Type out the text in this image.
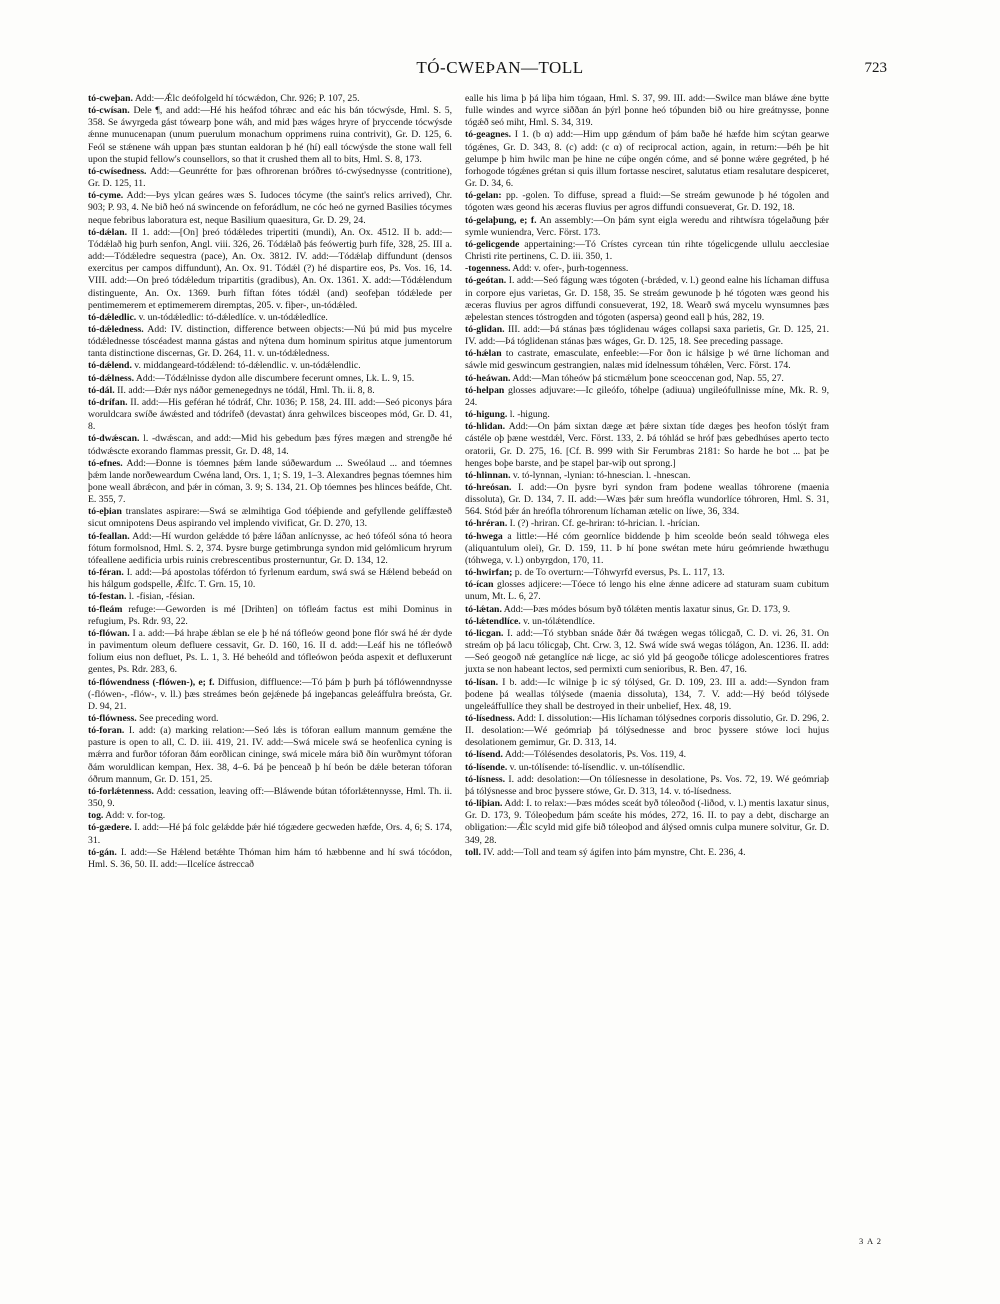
TÓ-CWEÞAN—TOLL	723

tó-cweþan. Add:—Ǽlc deófolgeld hí tócwǽdon, Chr. 926; P. 107, 25.

tó-cwísan. Dele ¶, and add:—Hé his heáfod tóhræc and eác his bán tócwýsde, Hml. S. 5, 358. Se áwyrgeda gást tówearp þone wáh, and mid þæs wáges hryre of þryccende tócwýsde ǽnne munucenapan (unum puerulum monachum opprimens ruina contrivit), Gr. D. 125, 6. Feól se stǽnene wáh uppan þæs stuntan ealdoran þ hé (hí) eall tócwýsde the stone wall fell upon the stupid fellow's counsellors, so that it crushed them all to bits, Hml. S. 8, 173.

tó-cwísedness. Add:—Geunrétte for þæs ofhrorenan bróðres tó-cwýsednysse (contritione), Gr. D. 125, 11.

tó-cyme. Add:—Þys ylcan geáres wæs S. Iudoces tócyme (the saint's relics arrived), Chr. 903; P. 93, 4. Ne bið heó ná swincende on feforádlum, ne cóc heó ne gyrned Basilies tócymes neque febribus laboratura est, neque Basilium quaesitura, Gr. D. 29, 24.

tó-dǽlan. II 1. add:—[On] þreó tódǽledes tripertiti (mundi), An. Ox. 4512. II b. add:—Tódǽlað hig þurh senfon, Angl. viii. 326, 26. Tódǽlað þás feówertig þurh fífe, 328, 25. III a. add:—Tódǽledre sequestra (pace), An. Ox. 3812. IV. add:—Tódǽlaþ diffundunt (densos exercitus per campos diffundunt), An. Ox. 91. Tódǽl (?) hé dispartire eos, Ps. Vos. 16, 14. VIII. add:—On þreó tódǽledum tripartitis (gradibus), An. Ox. 1361. X. add:—Tódǽlendum distinguente, An. Ox. 1369. Þurh fíftan fótes tódǽl (and) seofeþan tódǽlede per pentimemerem et eptimemerem diremptas, 205. v. fiþer-, un-tódǽled.

tó-dǽledlic. v. un-tódǽledlic: tó-dǽledlíce. v. un-tódǽledlíce.

tó-dǽledness. Add: IV. distinction, difference between objects:—Nú þú mid þus mycelre tódǽlednesse tóscéadest manna gástas and nýtena dum hominum spiritus atque jumentorum tanta distinctione discernas, Gr. D. 264, 11. v. un-tódǽledness.

tó-dǽlend. v. middangeard-tódǽlend: tó-dǽlendlic. v. un-tódǽlendlic.

tó-dǽlness. Add:—Tódǽlnisse dydon alle discumbere fecerunt omnes, Lk. L. 9, 15.

tó-dál. II. add:—Ðǽr nys náðor gemenegednys ne tódál, Hml. Th. ii. 8, 8.

tó-drífan. II. add:—His geféran hé tódráf, Chr. 1036; P. 158, 24. III. add:—Seó piconys þára woruldcara swíðe áwǽsted and tódrífeð (devastat) ánra gehwilces bisceopes mód, Gr. D. 41, 8.

tó-dwǽscan. l. -dwǽscan, and add:—Mid his gebedum þæs fýres mægen and strengðe hé tódwǽscte exorando flammas pressit, Gr. D. 48, 14.

tó-efnes. Add:—Ðonne is tóemnes þǽm lande súðewardum ... Sweólaud ... and tóemnes þǽm lande norðeweardum Cwéna land, Ors. 1, 1; S. 19, 1–3. Alexandres þegnas tóemnes him þone weall ábrǽcon, and þǽr in cóman, 3. 9; S. 134, 21. Oþ tóemnes þes hlinces beáfde, Cht. E. 355, 7.

tó-eþian translates aspirare:—Swá se ælmihtiga God tóéþiende and gefyllende gelíffæsteð sicut omnipotens Deus aspirando vel implendo vivificat, Gr. D. 270, 13.

tó-feallan. Add:—Hí wurdon gelǽdde tó þǽre láðan anlícnysse, ac heó tófeól sóna tó heora fótum formolsnod, Hml. S. 2, 374. Þysre burge getimbrunga syndon mid gelómlicum hryrum tófeallene aedificia urbis ruinis crebrescentibus prosternuntur, Gr. D. 134, 12.

tó-féran. I. add:—Þá apostolas tóférdon tó fyrlenum eardum, swá swá se Hǽlend bebeád on his hálgum godspelle, Ǽlfc. T. Grn. 15, 10.

tó-festan. l. -fisian, -fésian.

tó-fleám refuge:—Geworden is mé [Drihten] on tófleám factus est mihi Dominus in refugium, Ps. Rdr. 93, 22.

tó-flówan. I a. add:—Þá hraþe ǽblan se ele þ hé ná tófleów geond þone flór swá hé ǽr dyde in pavimentum oleum defluere cessavit, Gr. D. 160, 16. II d. add:—Leáf his ne tófleówð folium eius non defluet, Ps. L. 1, 3. Hé beheóld and tófleówon þeóda aspexit et defluxerunt gentes, Ps. Rdr. 283, 6.

tó-flówendness (-flówen-), e; f. Diffusion, diffluence:—Tó þám þ þurh þá tóflówenndnysse (-flówen-, -flów-, v. ll.) þæs streámes beón gejǽnede þá ingeþancas geleáffulra breósta, Gr. D. 94, 21.

tó-flówness. See preceding word.

tó-foran. I. add: (a) marking relation:—Seó lǽs is tóforan eallum mannum gemǽne the pasture is open to all, C. D. iii. 419, 21. IV. add:—Swá micele swá se heofenlica cyning is mǽrra and furðor tóforan ðám eorðlican cininge, swá micele mára bið ðín wurðmynt tóforan ðám woruldlican kempan, Hex. 38, 4–6. Þá þe þenceað þ hí beón be dǽle beteran tóforan óðrum mannum, Gr. D. 151, 25.

tó-forlǽtenness. Add: cessation, leaving off:—Bláwende bútan tóforlǽtennysse, Hml. Th. ii. 350, 9.

tog. Add: v. for-tog.

tó-gædere. I. add:—Hé þá folc gelǽdde þǽr hié tógædere gecweden hæfde, Ors. 4, 6; S. 174, 31.

tó-gán. I. add:—Se Hǽlend betǽhte Thóman him hám tó hæbbenne and hí swá tócódon, Hml. S. 36, 50. II. add:—Ilcelíce ástreccað

ealle his lima þ þá liþa him tógaan, Hml. S. 37, 99. III. add:—Swilce man bláwe ǽne bytte fulle windes and wyrce siððan án þýrl þonne heó tóþunden bið ou hire greátnysse, þonne tógǽð seó miht, Hml. S. 34, 319.

tó-geagnes. I 1. (b α) add:—Him upp gǽndum of þám baðe hé hæfde him scýtan gearwe tógǽnes, Gr. D. 343, 8. (c) add: (c α) of reciprocal action, again, in return:—Þéh þe hit gelumpe þ him hwilc man þe hine ne cúþe ongén cóme, and sé þonne wǽre gegréted, þ hé forhogode tógǽnes grétan si quis illum fortasse nesciret, salutatus etiam resalutare despiceret, Gr. D. 34, 6.

tó-gelan: pp. -golen. To diffuse, spread a fluid:—Se streám gewunode þ hé tógolen and tógoten wæs geond his æceras fluvius per agros diffundi consueverat, Gr. D. 192, 18.

tó-gelaþung, e; f. An assembly:—On þám synt eigla weredu and rihtwísra tógelaðung þǽr symle wuniendra, Verc. Först. 173.

tó-gelicgende appertaining:—Tó Crístes cyrcean tún rihte tógelicgende ullulu aecclesiae Christi rite pertinens, C. D. iii. 350, 1.

-togenness. Add: v. ofer-, þurh-togenness.

tó-geótan. I. add:—Seó fágung wæs tógoten (-brǽded, v. l.) geond ealne his líchaman diffusa in corpore ejus varietas, Gr. D. 158, 35. Se streám gewunode þ hé tógoten wæs geond his æceras fluvius per agros diffundi consueverat, 192, 18. Wearð swá mycelu wynsumnes þæs æþelestan stences tóstrogden and tógoten (aspersa) geond eall þ hús, 282, 19.

tó-glidan. III. add:—Þá stánas þæs tóglidenau wáges collapsi saxa parietis, Gr. D. 125, 21. IV. add:—Þá tóglidenan stánas þæs wáges, Gr. D. 125, 18. See preceding passage.

tó-hǽlan to castrate, emasculate, enfeeble:—For ðon ic hálsige þ wé ūrne líchoman and sáwle mid geswincum gestrangien, nalæs mid ídelnessum tóhǽlen, Verc. Först. 174.

tó-heáwan. Add:—Man tóheów þá sticmǽlum þone sceoccenan god, Nap. 55, 27.

tó-helpan glosses adjuvare:—Ic gileófo, tóhelpe (adiuua) ungileófullnisse míne, Mk. R. 9, 24.

tó-higung. l. -higung.

tó-hlidan. Add:—On þám sixtan dæge æt þǽre sixtan tíde dæges þes heofon tóslýt fram cástéle oþ þæne westdǽl, Verc. Först. 133, 2. Þá tóhlád se hróf þæs gebedhúses aperto tecto oratorii, Gr. D. 275, 16. [Cf. B. 999 with Sir Ferumbras 2181: So harde he bot ... þat þe henges boþe barste, and þe stapel þar-wiþ out sprong.]

tó-hlinnan. v. tó-lynnan, -lynian: tó-hnescian. l. -hnescan.

tó-hreósan. I. add:—On þysre byri syndon fram þodene weallas tóhrorene (maenia dissoluta), Gr. D. 134, 7. II. add:—Wæs þǽr sum hreófla wundorlíce tóhroren, Hml. S. 31, 564. Stód þǽr án hreófla tóhrorenum líchaman ætelic on líwe, 36, 334.

tó-hréran. I. (?) -hriran. Cf. ge-hriran: tó-hrician. l. -hrícian.

tó-hwega a little:—Hé cóm geornlíce biddende þ him sceolde beón seald tóhwega eles (aliquantulum olei), Gr. D. 159, 11. Þ hí þone swétan mete húru geómriende hwæthugu (tóhwega, v. l.) onbyrgdon, 170, 11.

tó-hwirfan; p. de To overturn:—Tóhwyrfd eversus, Ps. L. 117, 13.

tó-ícan glosses adjicere:—Tóece tó lengo his elne ǽnne adicere ad staturam suam cubitum unum, Mt. L. 6, 27.

tó-lǽtan. Add:—Þæs módes bósum byð tólǽten mentis laxatur sinus, Gr. D. 173, 9.

tó-lǽtendlíce. v. un-tólǽtendlíce.

tó-licgan. I. add:—Tó stybban snáde ðǽr ðá twǽgen wegas tólicgað, C. D. vi. 26, 31. On streám oþ þá lacu tólicgaþ, Cht. Crw. 3, 12. Swá wíde swá wegas tólágon, An. 1236. II. add:—Seó geogoð nǽ getanglíce nǽ licge, ac sió yld þá geogoðe tólicge adolescentiores fratres juxta se non habeant lectos, sed permixti cum senioribus, R. Ben. 47, 16.

tó-lísan. I b. add:—Ic wilnige þ ic sý tólýsed, Gr. D. 109, 23. III a. add:—Syndon fram þodene þá weallas tólýsede (maenia dissoluta), 134, 7. V. add:—Hý beód tólýsede ungeleáffullíce they shall be destroyed in their unbelief, Hex. 48, 19.

tó-lísedness. Add: I. dissolution:—His líchaman tólýsednes corporis dissolutio, Gr. D. 296, 2. II. desolation:—Wé geómriaþ þá tólýsednesse and broc þyssere stówe loci hujus desolationem gemimur, Gr. D. 313, 14.

tó-lísend. Add:—Tólésendes desolatoris, Ps. Vos. 119, 4.

tó-lísende. v. un-tólísende: tó-lísendlic. v. un-tólísendlic.

tó-lísness. I. add: desolation:—On tólíesnesse in desolatione, Ps. Vos. 72, 19. Wé geómriaþ þá tólýsnesse and broc þyssere stówe, Gr. D. 313, 14. v. tó-lísedness.

tó-liþian. Add: I. to relax:—Þæs módes sceát byð tóleoðod (-liðod, v. l.) mentis laxatur sinus, Gr. D. 173, 9. Tóleoþedum þám sceáte his módes, 272, 16. II. to pay a debt, discharge an obligation:—Ǽlc scyld mid gife bið tóleoþod and álýsed omnis culpa munere solvitur, Gr. D. 349, 28.

toll. IV. add:—Toll and team sý ágifen into þám mynstre, Cht. E. 236, 4.

3 A 2
